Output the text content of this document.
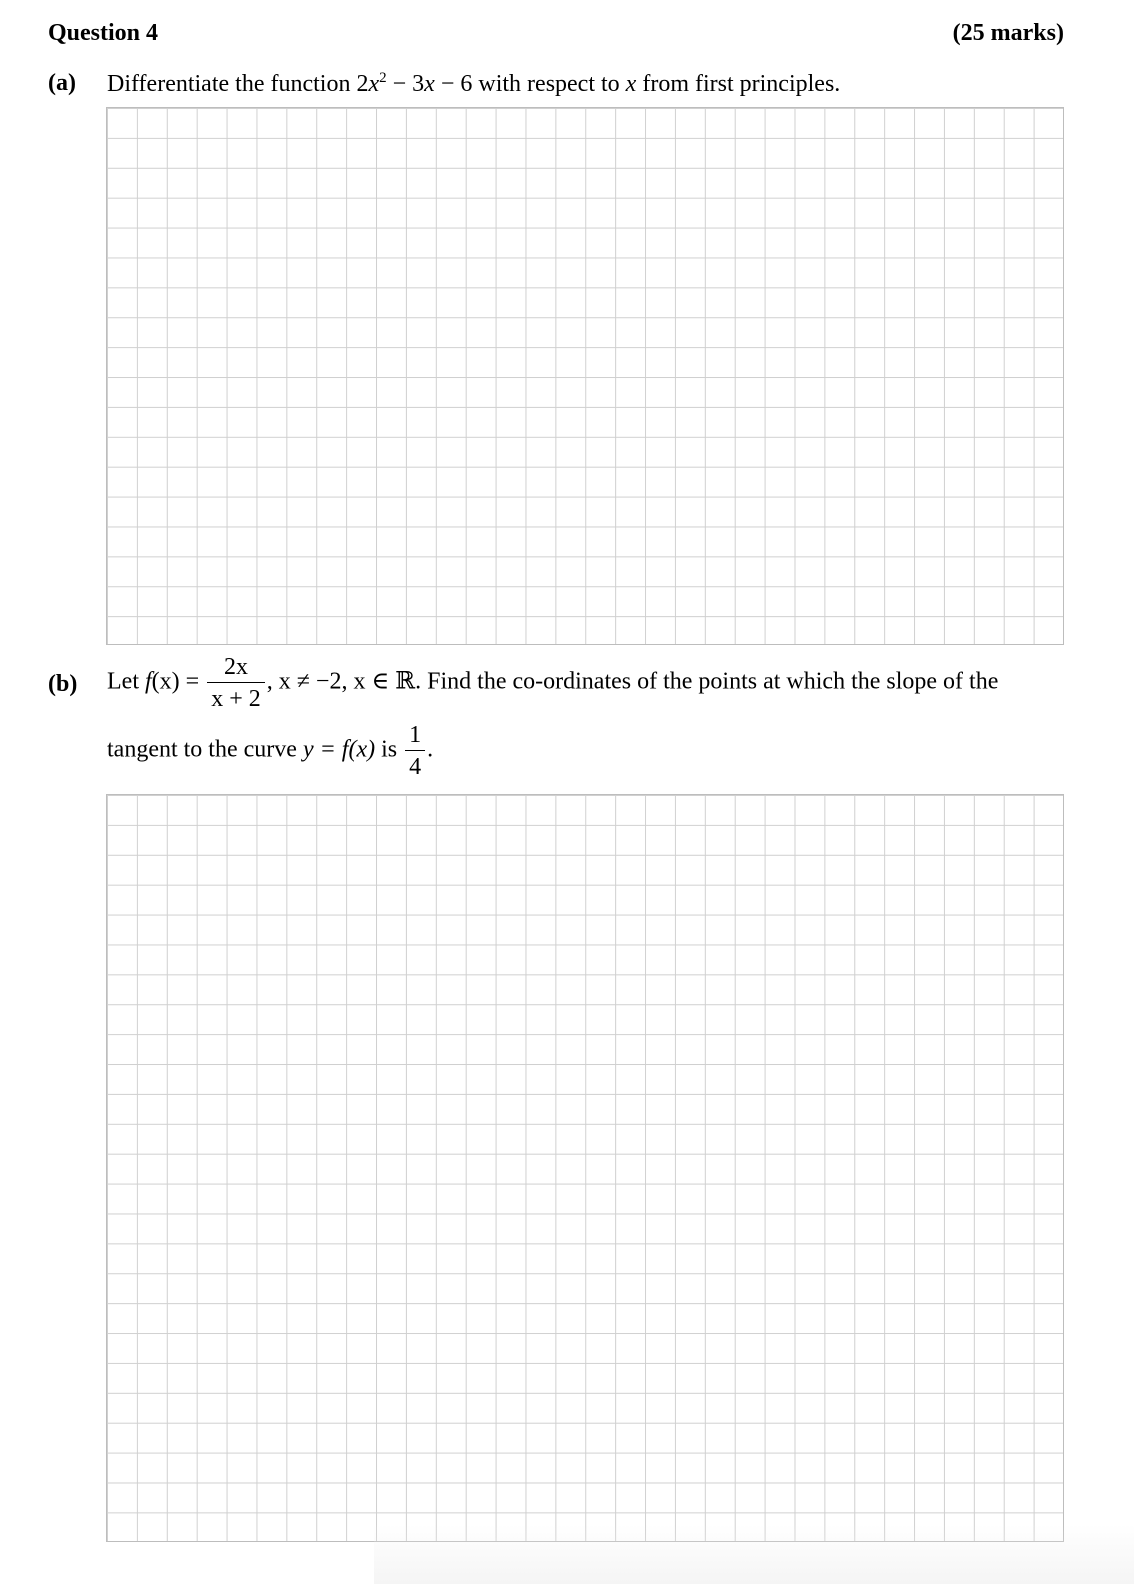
Question 4	(25 marks)
(a) Differentiate the function $2x^2 - 3x - 6$ with respect to x from first principles.
(b) Let $f(x) = \frac{2x}{x + 2}$ , x ≠ −2, x ∈ ℝ. Find the co-ordinates of the points at which the slope of the
tangent to the curve y = f(x) is $\frac{1}{4}$ .
